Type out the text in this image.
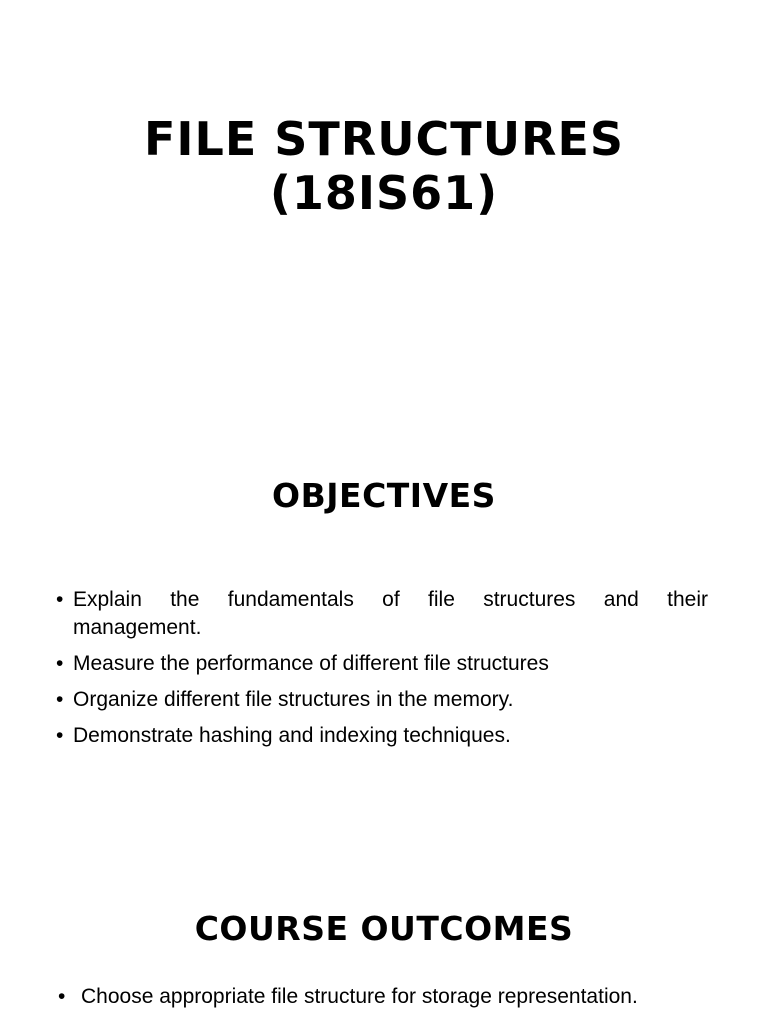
FILE STRUCTURES
(18IS61)
OBJECTIVES
• Explain the fundamentals of file structures and their
management.
• Measure the performance of different file structures
• Organize different file structures in the memory.
• Demonstrate hashing and indexing techniques.
COURSE OUTCOMES
• Choose appropriate file structure for storage representation.
